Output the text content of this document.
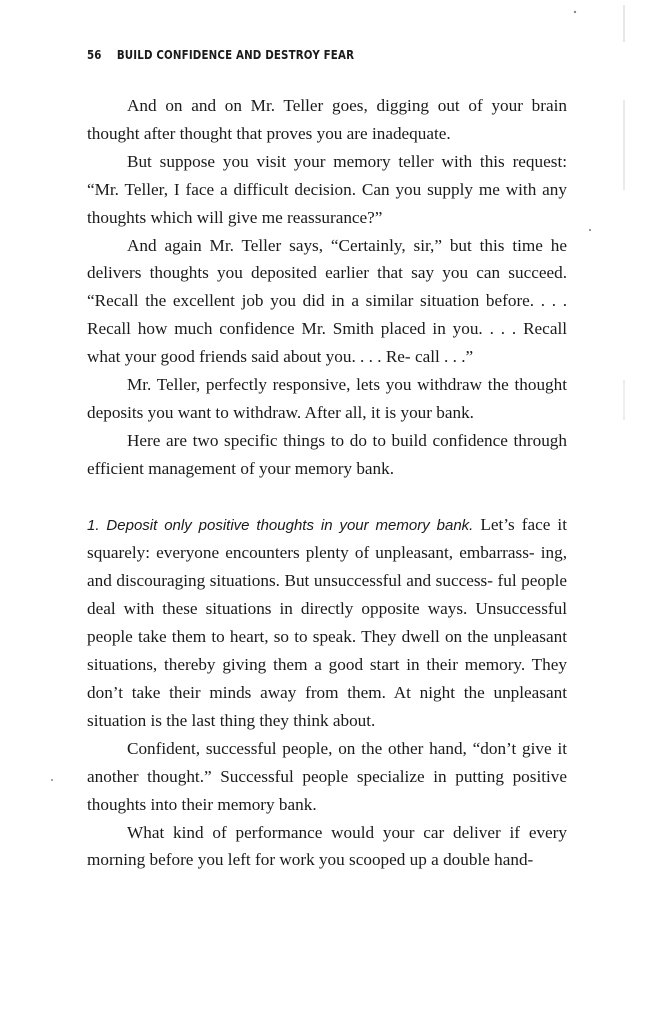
56 BUILD CONFIDENCE AND DESTROY FEAR

And on and on Mr. Teller goes, digging out of your brain thought after thought that proves you are inadequate.

But suppose you visit your memory teller with this request: “Mr. Teller, I face a difficult decision. Can you supply me with any thoughts which will give me reassurance?”

And again Mr. Teller says, “Certainly, sir,” but this time he delivers thoughts you deposited earlier that say you can succeed. “Recall the excellent job you did in a similar situation before. . . . Recall how much confidence Mr. Smith placed in you. . . . Recall what your good friends said about you. . . . Re- call . . .”

Mr. Teller, perfectly responsive, lets you withdraw the thought deposits you want to withdraw. After all, it is your bank.

Here are two specific things to do to build confidence through efficient management of your memory bank.

1. Deposit only positive thoughts in your memory bank. Let’s face it squarely: everyone encounters plenty of unpleasant, embarrass- ing, and discouraging situations. But unsuccessful and success- ful people deal with these situations in directly opposite ways. Unsuccessful people take them to heart, so to speak. They dwell on the unpleasant situations, thereby giving them a good start in their memory. They don’t take their minds away from them. At night the unpleasant situation is the last thing they think about.

Confident, successful people, on the other hand, “don’t give it another thought.” Successful people specialize in putting positive thoughts into their memory bank.

What kind of performance would your car deliver if every morning before you left for work you scooped up a double hand-
